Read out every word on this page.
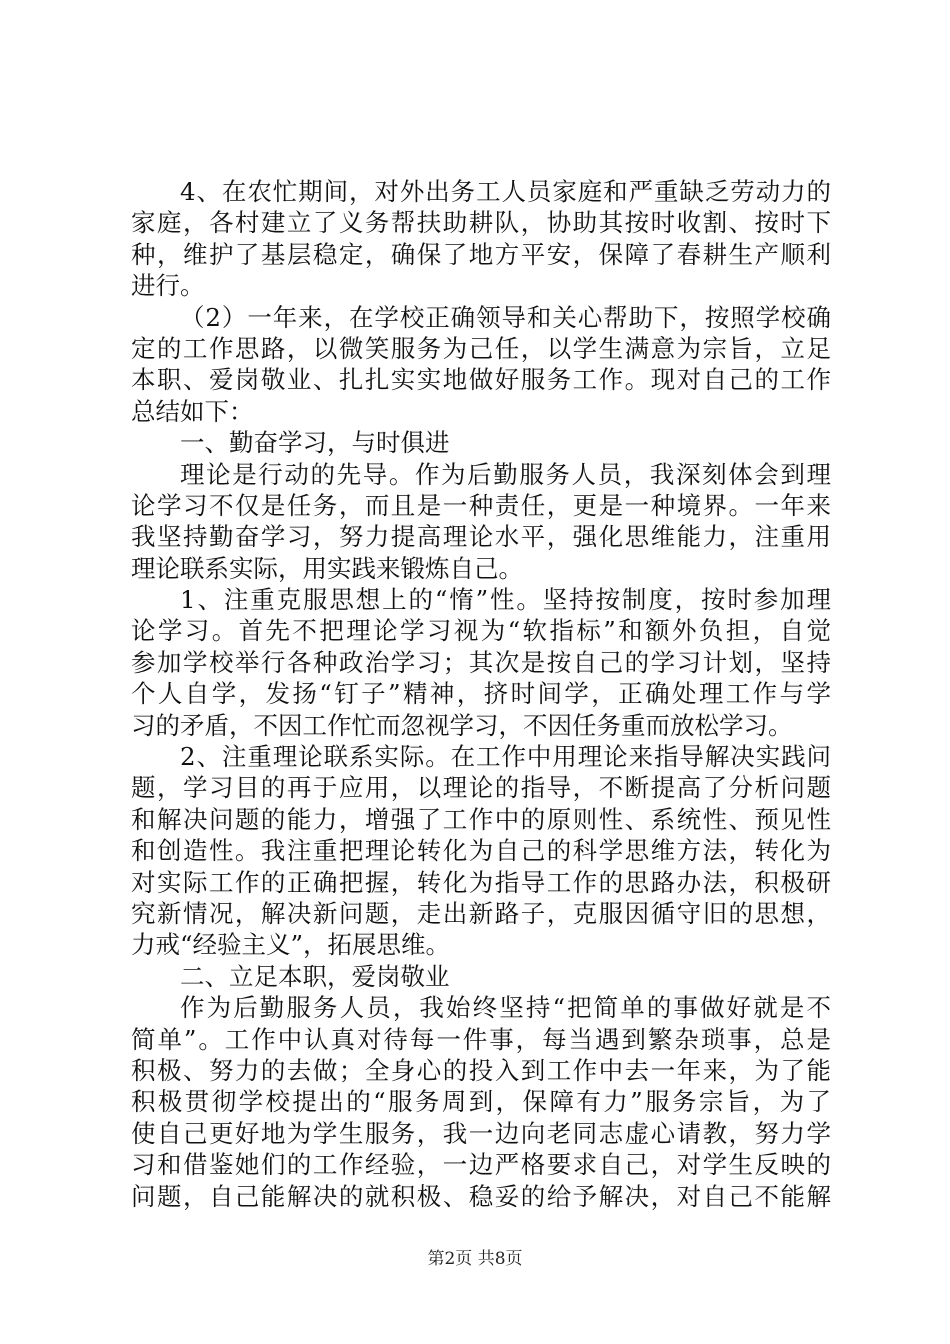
4、在农忙期间，对外出务工人员家庭和严重缺乏劳动力的
家庭，各村建立了义务帮扶助耕队，协助其按时收割、按时下
种，维护了基层稳定，确保了地方平安，保障了春耕生产顺利
进行。
（2）一年来，在学校正确领导和关心帮助下，按照学校确
定的工作思路，以微笑服务为己任，以学生满意为宗旨，立足
本职、爱岗敬业、扎扎实实地做好服务工作。现对自己的工作
总结如下：
一、勤奋学习，与时俱进
理论是行动的先导。作为后勤服务人员，我深刻体会到理
论学习不仅是任务，而且是一种责任，更是一种境界。一年来
我坚持勤奋学习，努力提高理论水平，强化思维能力，注重用
理论联系实际，用实践来锻炼自己。
1、注重克服思想上的“惰”性。坚持按制度，按时参加理
论学习。首先不把理论学习视为“软指标”和额外负担，自觉
参加学校举行各种政治学习；其次是按自己的学习计划，坚持
个人自学，发扬“钉子”精神，挤时间学，正确处理工作与学
习的矛盾，不因工作忙而忽视学习，不因任务重而放松学习。
2、注重理论联系实际。在工作中用理论来指导解决实践问
题，学习目的再于应用，以理论的指导，不断提高了分析问题
和解决问题的能力，增强了工作中的原则性、系统性、预见性
和创造性。我注重把理论转化为自己的科学思维方法，转化为
对实际工作的正确把握，转化为指导工作的思路办法，积极研
究新情况，解决新问题，走出新路子，克服因循守旧的思想，
力戒“经验主义”，拓展思维。
二、立足本职，爱岗敬业
作为后勤服务人员，我始终坚持“把简单的事做好就是不
简单”。工作中认真对待每一件事，每当遇到繁杂琐事，总是
积极、努力的去做；全身心的投入到工作中去一年来，为了能
积极贯彻学校提出的“服务周到，保障有力”服务宗旨，为了
使自己更好地为学生服务，我一边向老同志虚心请教，努力学
习和借鉴她们的工作经验，一边严格要求自己，对学生反映的
问题，自己能解决的就积极、稳妥的给予解决，对自己不能解
第2页 共8页
